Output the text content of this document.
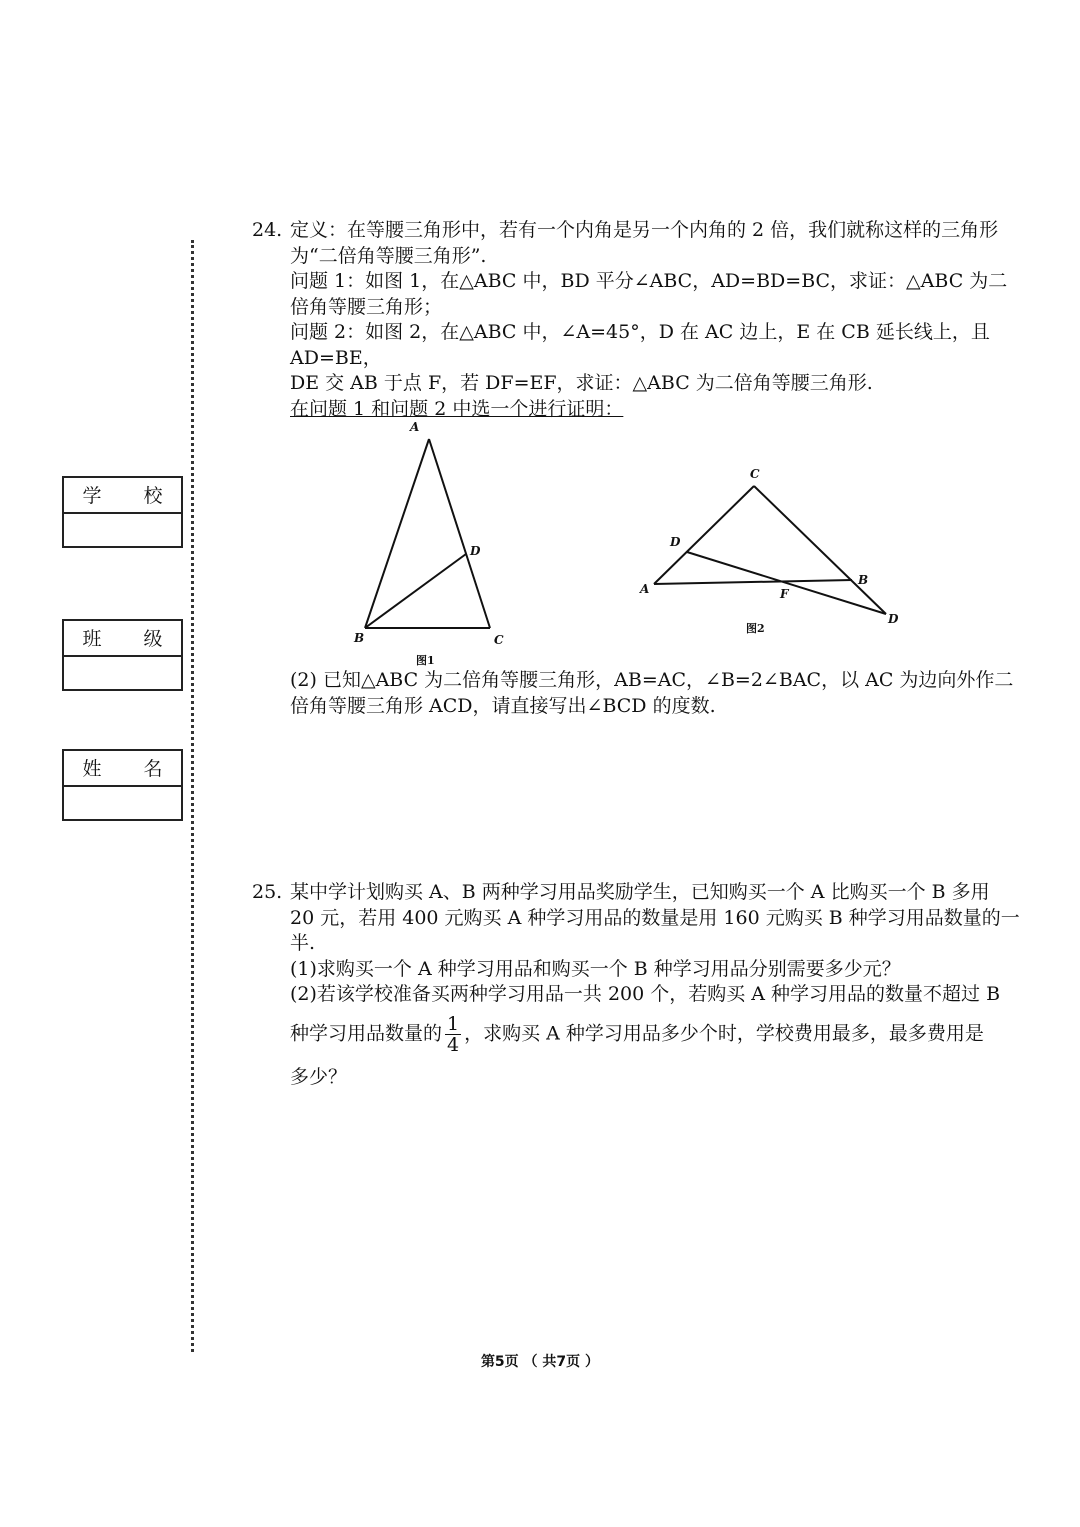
学 校
班 级
姓 名
24. 定义：在等腰三角形中，若有一个内角是另一个内角的 2 倍，我们就称这样的三角形

为“二倍角等腰三角形”.

问题 1：如图 1，在△ABC 中，BD 平分∠ABC，AD=BD=BC，求证：△ABC 为二

倍角等腰三角形；

问题 2：如图 2，在△ABC 中，∠A=45°，D 在 AC 边上，E 在 CB 延长线上，且 AD=BE，

DE 交 AB 于点 F，若 DF=EF，求证：△ABC 为二倍角等腰三角形.

在问题 1 和问题 2 中选一个进行证明：

A
B	C
D
图1
C
D
A
B
F
D
图2

(2) 已知△ABC 为二倍角等腰三角形，AB=AC，∠B=2∠BAC，以 AC 为边向外作二

倍角等腰三角形 ACD，请直接写出∠BCD 的度数.

25. 某中学计划购买 A、B 两种学习用品奖励学生，已知购买一个 A 比购买一个 B 多用

20 元，若用 400 元购买 A 种学习用品的数量是用 160 元购买 B 种学习用品数量的一

半.

(1)求购买一个 A 种学习用品和购买一个 B 种学习用品分别需要多少元？

(2)若该学校准备买两种学习用品一共 200 个，若购买 A 种学习用品的数量不超过 B

种学习用品数量的 $\frac{1}{4}$ ，求购买 A 种学习用品多少个时，学校费用最多，最多费用是

多少？

第5页 （ 共7页 ）
